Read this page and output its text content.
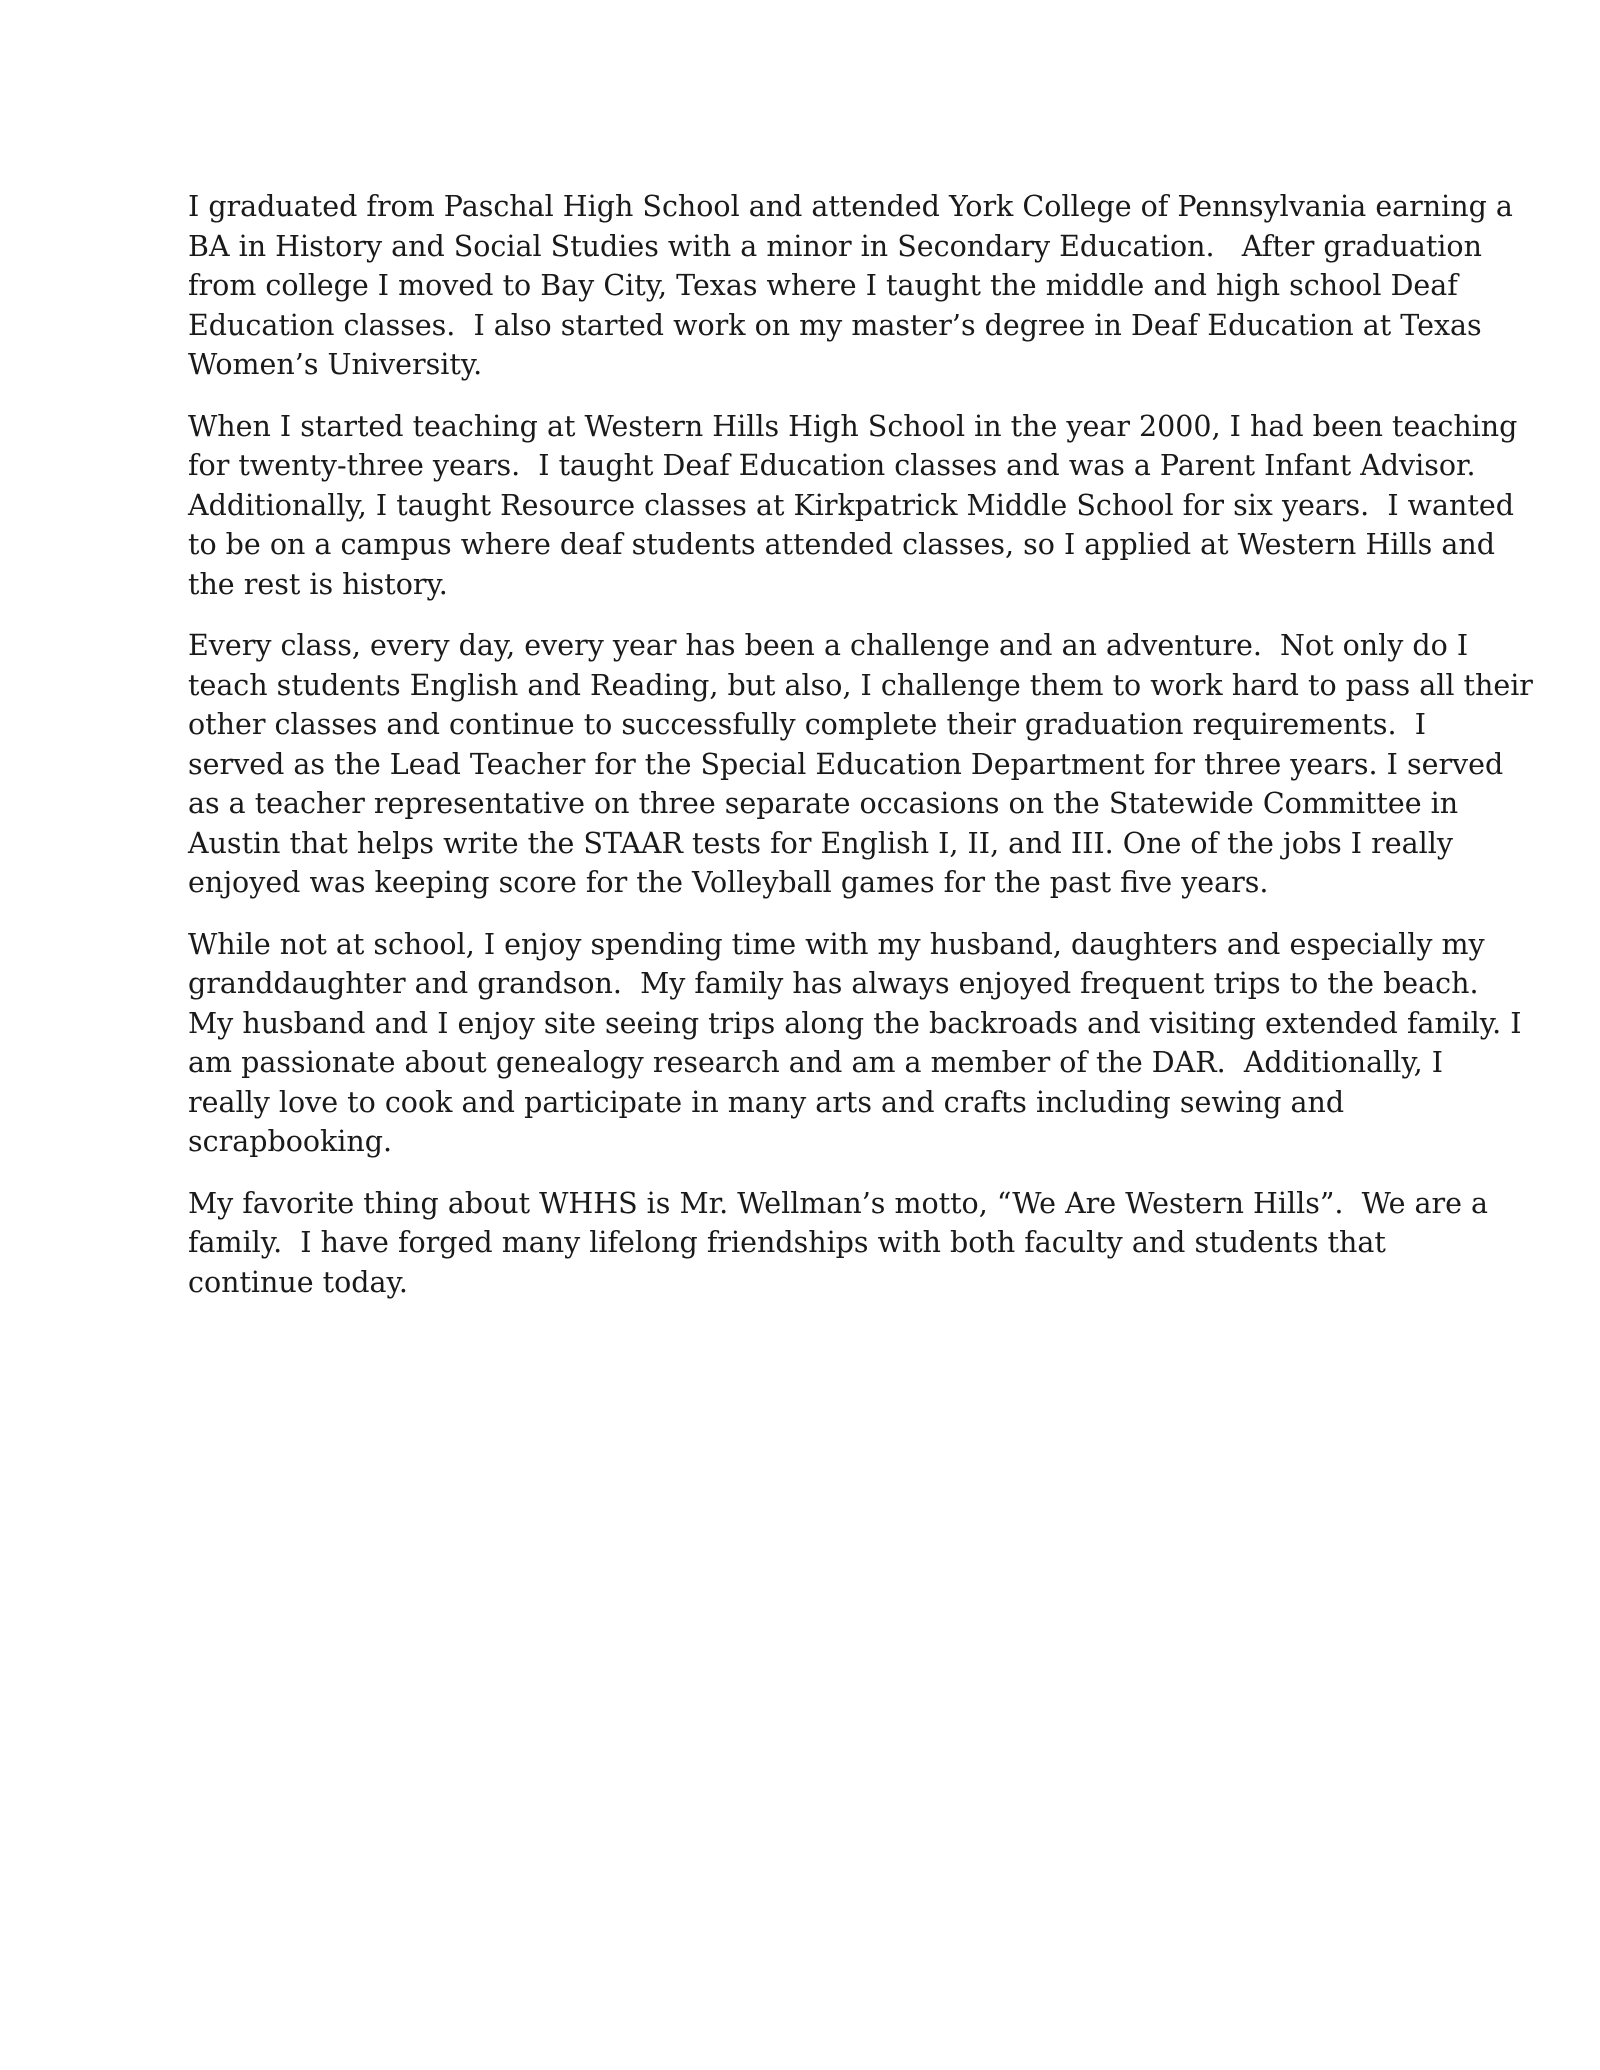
I graduated from Paschal High School and attended York College of Pennsylvania earning a
BA in History and Social Studies with a minor in Secondary Education.   After graduation
from college I moved to Bay City, Texas where I taught the middle and high school Deaf
Education classes.  I also started work on my master’s degree in Deaf Education at Texas
Women’s University.

When I started teaching at Western Hills High School in the year 2000, I had been teaching
for twenty-three years.  I taught Deaf Education classes and was a Parent Infant Advisor.
Additionally, I taught Resource classes at Kirkpatrick Middle School for six years.  I wanted
to be on a campus where deaf students attended classes, so I applied at Western Hills and
the rest is history.

Every class, every day, every year has been a challenge and an adventure.  Not only do I
teach students English and Reading, but also, I challenge them to work hard to pass all their
other classes and continue to successfully complete their graduation requirements.  I
served as the Lead Teacher for the Special Education Department for three years. I served
as a teacher representative on three separate occasions on the Statewide Committee in
Austin that helps write the STAAR tests for English I, II, and III. One of the jobs I really
enjoyed was keeping score for the Volleyball games for the past five years.

While not at school, I enjoy spending time with my husband, daughters and especially my
granddaughter and grandson.  My family has always enjoyed frequent trips to the beach.
My husband and I enjoy site seeing trips along the backroads and visiting extended family. I
am passionate about genealogy research and am a member of the DAR.  Additionally, I
really love to cook and participate in many arts and crafts including sewing and
scrapbooking.

My favorite thing about WHHS is Mr. Wellman’s motto, “We Are Western Hills”.  We are a
family.  I have forged many lifelong friendships with both faculty and students that
continue today.
